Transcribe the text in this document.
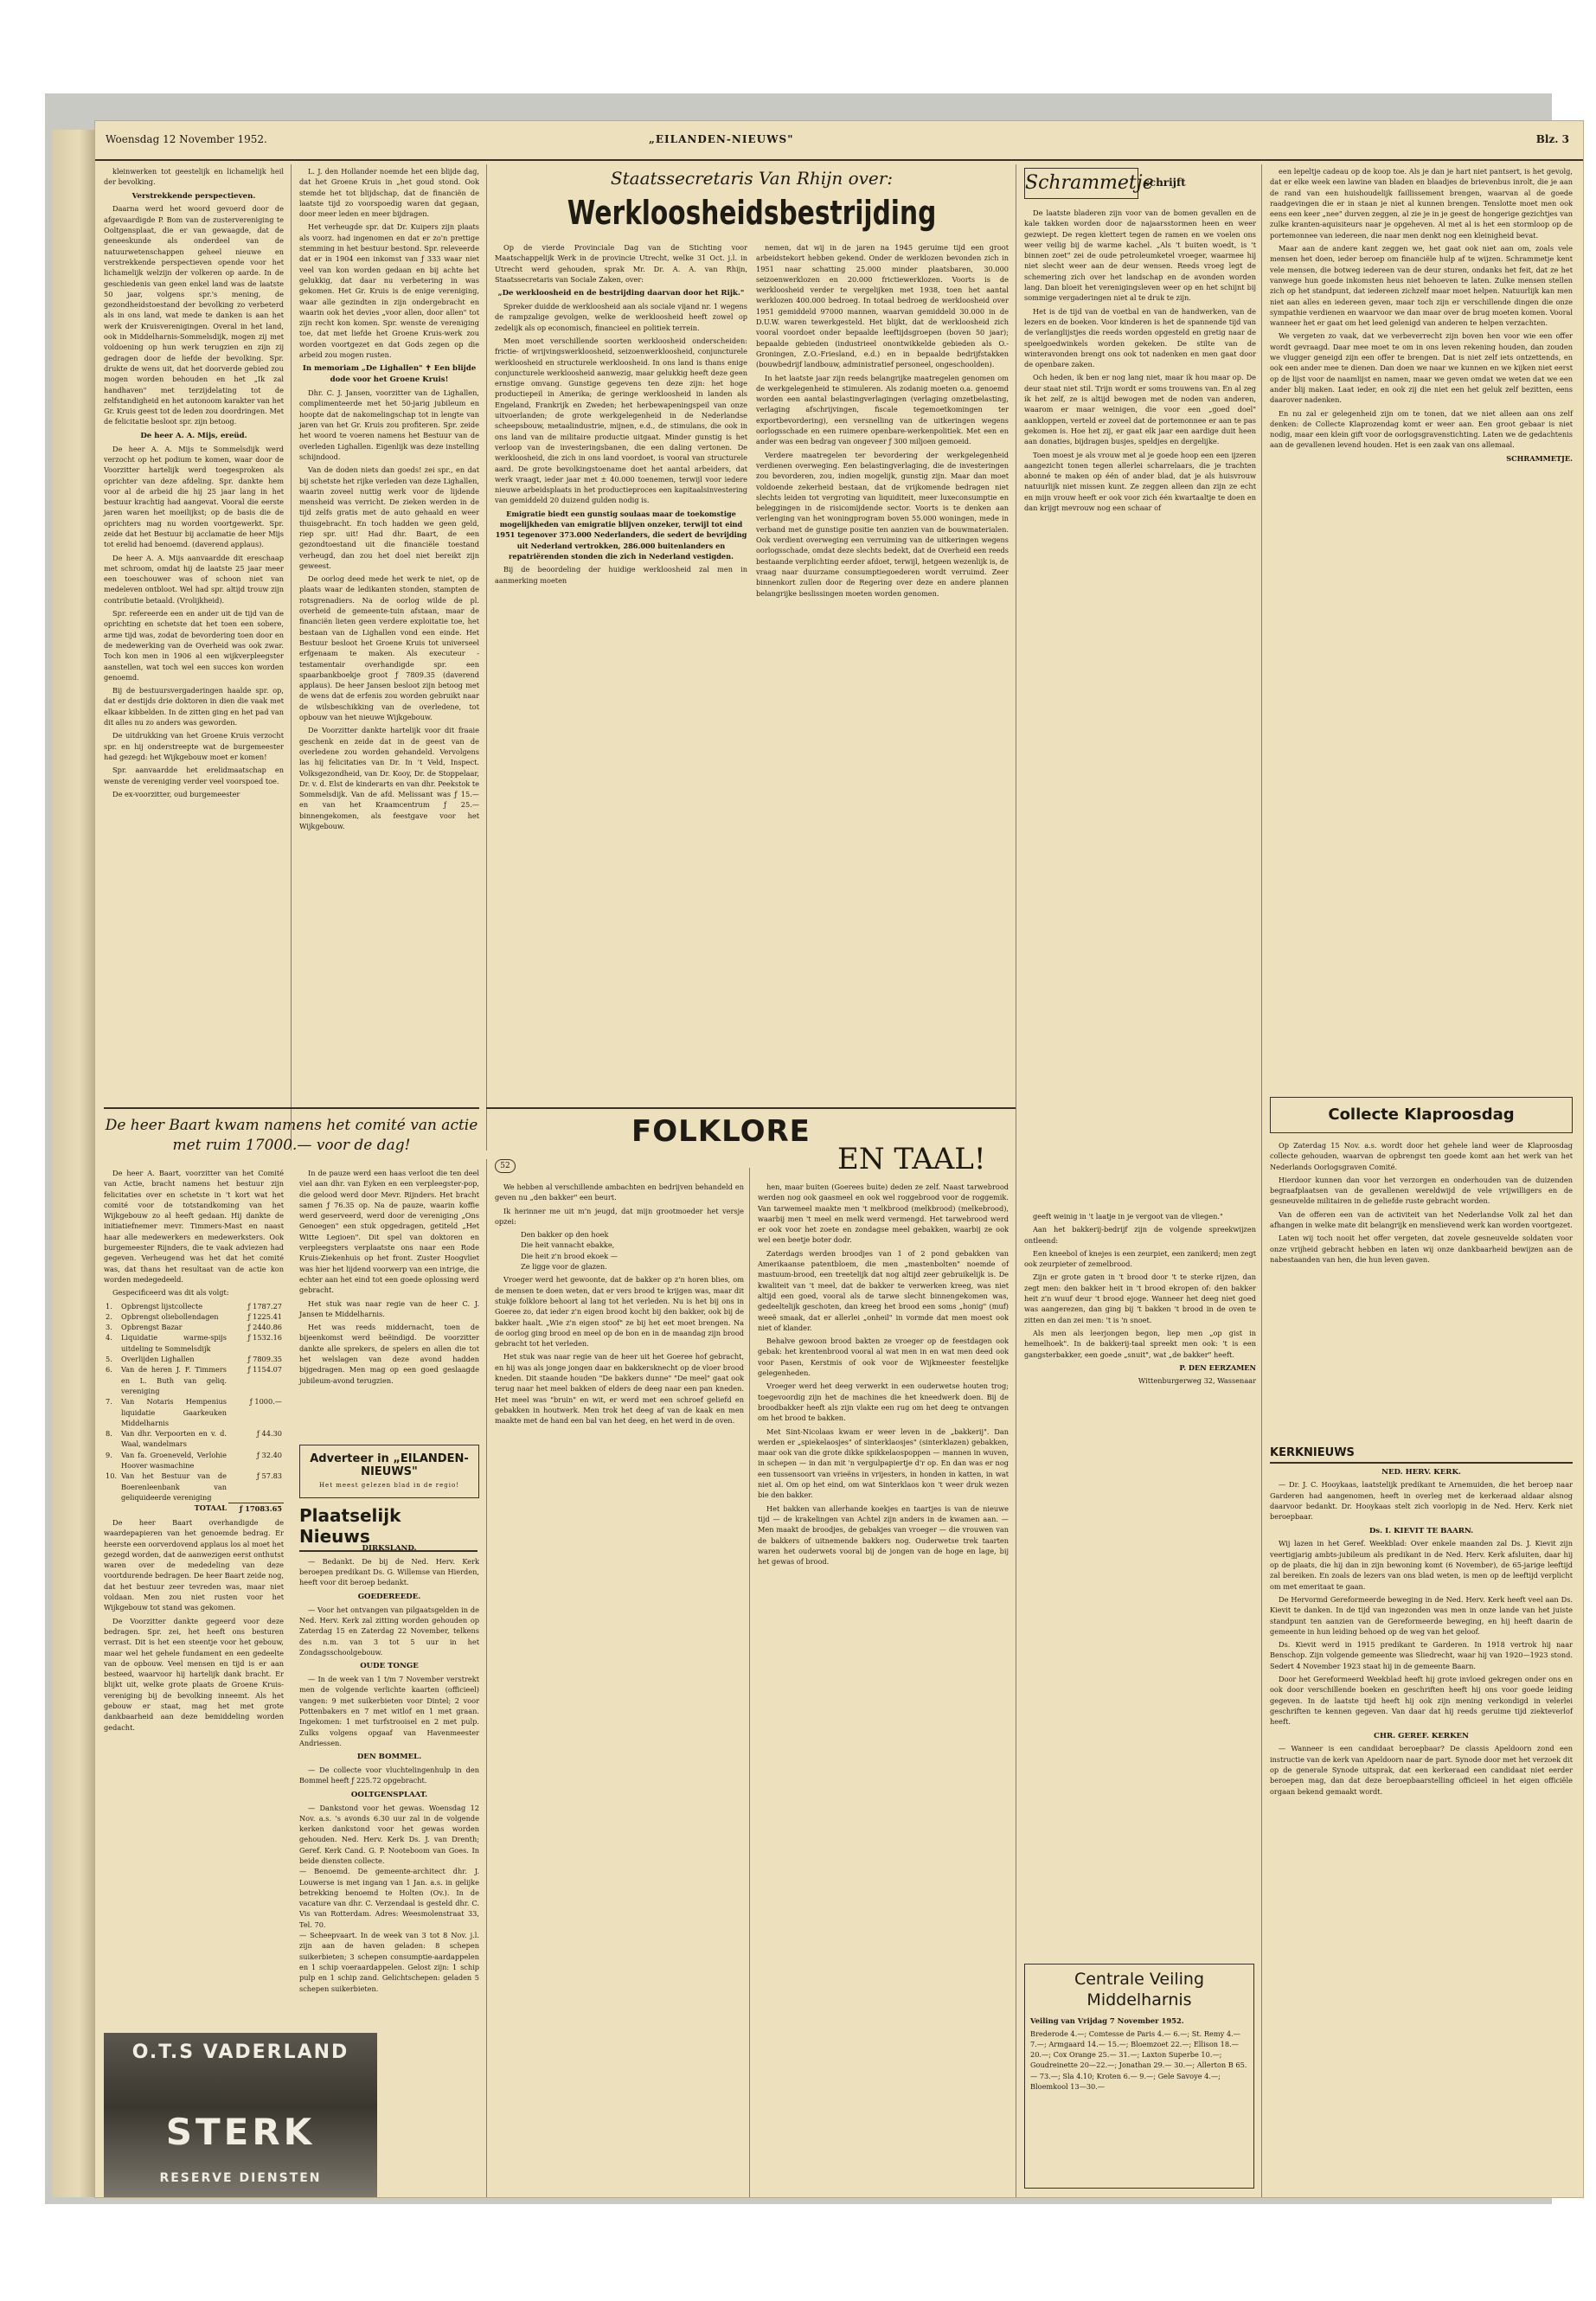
Woensdag 12 November 1952.	„EILANDEN-NIEUWS"	Blz. 3

kleinwerken tot geestelijk en lichamelijk heil der bevolking.

Verstrekkende perspectieven.

Daarna werd het woord gevoerd door de afgevaardigde P. Bom van de zustervereniging te Ooltgensplaat, die er van gewaagde, dat de geneeskunde als onderdeel van de natuurwetenschappen geheel nieuwe en verstrekkende perspectieven opende voor het lichamelijk welzijn der volkeren op aarde. In de geschiedenis van geen enkel land was de laatste 50 jaar, volgens spr.'s mening, de gezondheidstoestand der bevolking zo verbeterd als in ons land, wat mede te danken is aan het werk der Kruisverenigingen. Overal in het land, ook in Middelharnis-Sommelsdijk, mogen zij met voldoening op hun werk terugzien en zijn zij gedragen door de liefde der bevolking. Spr. drukte de wens uit, dat het doorverde gebied zou mogen worden behouden en het „Ik zal handhaven" met terzijdelating tot de zelfstandigheid en het autonoom karakter van het Gr. Kruis geest tot de leden zou doordringen. Met de felicitatie besloot spr. zijn betoog.

De heer A. A. Mijs, ereüd.

De heer A. A. Mijs te Sommelsdijk werd verzocht op het podium te komen, waar door de Voorzitter hartelijk werd toegesproken als oprichter van deze afdeling. Spr. dankte hem voor al de arbeid die hij 25 jaar lang in het bestuur krachtig had aangevat. Vooral die eerste jaren waren het moeilijkst; op de basis die de oprichters mag nu worden voortgewerkt. Spr. zeide dat het Bestuur bij acclamatie de heer Mijs tot erelid had benoemd. (daverend applaus).

De heer A. A. Mijs aanvaardde dit ereschaap met schroom, omdat hij de laatste 25 jaar meer een toeschouwer was of schoon niet van medeleven ontbloot. Wel had spr. altijd trouw zijn contributie betaald. (Vrolijkheid).

Spr. refereerde een en ander uit de tijd van de oprichting en schetste dat het toen een sobere, arme tijd was, zodat de bevordering toen door en de medewerking van de Overheid was ook zwar. Toch kon men in 1906 al een wijkverpleegster aanstellen, wat toch wel een succes kon worden genoemd.

Bij de bestuursvergaderingen haalde spr. op, dat er destijds drie doktoren in dien die vaak met elkaar kibbelden. In de zitten ging en het pad van dit alles nu zo anders was geworden.

De uitdrukking van het Groene Kruis verzocht spr. en hij onderstreepte wat de burgemeester had gezegd: het Wijkgebouw moet er komen!

Spr. aanvaardde het erelidmaatschap en wenste de vereniging verder veel voorspoed toe.

De ex-voorzitter, oud burgemeester

L. J. den Hollander noemde het een blijde dag, dat het Groene Kruis in „het goud stond. Ook stemde het tot blijdschap, dat de financiën de laatste tijd zo voorspoedig waren dat gegaan, door meer leden en meer bijdragen.

Het verheugde spr. dat Dr. Kuipers zijn plaats als voorz. had ingenomen en dat er zo'n prettige stemming in het bestuur bestond. Spr. releveerde dat er in 1904 een inkomst van ƒ 333 waar niet veel van kon worden gedaan en bij achte het gelukkig, dat daar nu verbetering in was gekomen. Het Gr. Kruis is de enige vereniging, waar alle gezindten in zijn ondergebracht en waarin ook het devies „voor allen, door allen" tot zijn recht kon komen. Spr. wenste de vereniging toe, dat met liefde het Groene Kruis-werk zou worden voortgezet en dat Gods zegen op die arbeid zou mogen rusten.

In memoriam „De Lighallen" ✝ Een blijde dode voor het Groene Kruis!

Dhr. C. J. Jansen, voorzitter van de Lighallen, complimenteerde met het 50-jarig jubileum en hoopte dat de nakomelingschap tot in lengte van jaren van het Gr. Kruis zou profiteren. Spr. zeide het woord te voeren namens het Bestuur van de overleden Lighallen. Eigenlijk was deze instelling schijndood.

Van de doden niets dan goeds! zei spr., en dat bij schetste het rijke verleden van deze Lighallen, waarin zoveel nuttig werk voor de lijdende mensheid was verricht. De zieken werden in de tijd zelfs gratis met de auto gehaald en weer thuisgebracht. En toch hadden we geen geld, riep spr. uit! Had dhr. Baart, de een gezondtoestand uit die financiële toestand verheugd, dan zou het doel niet bereikt zijn geweest.

De oorlog deed mede het werk te niet, op de plaats waar de ledikanten stonden, stampten de rotsgrenadiers. Na de oorlog wilde de pl. overheid de gemeente-tuin afstaan, maar de financiën lieten geen verdere exploitatie toe, het bestaan van de Lighallen vond een einde. Het Bestuur besloot het Groene Kruis tot universeel erfgenaam te maken. Als executeur - testamentair overhandigde spr. een spaarbankboekje groot ƒ 7809.35 (daverend applaus). De heer Jansen besloot zijn betoog met de wens dat de erfenis zou worden gebruikt naar de wilsbeschikking van de overledene, tot opbouw van het nieuwe Wijkgebouw.

De Voorzitter dankte hartelijk voor dit fraaie geschenk en zeide dat in de geest van de overledene zou worden gehandeld. Vervolgens las hij felicitaties van Dr. In 't Veld, Inspect. Volksgezondheid, van Dr. Kooy, Dr. de Stoppelaar, Dr. v. d. Elst de kinderarts en van dhr. Peekstok te Sommelsdijk. Van de afd. Melissant was ƒ 15.— en van het Kraamcentrum ƒ 25.— binnengekomen, als feestgave voor het Wijkgebouw.

De heer Baart kwam namens het comité van actie met ruim 17000.— voor de dag!

De heer A. Baart, voorzitter van het Comité van Actie, bracht namens het bestuur zijn felicitaties over en schetste in 't kort wat het comité voor de totstandkoming van het Wijkgebouw zo al heeft gedaan. Hij dankte de initiatiefnemer mevr. Timmers-Mast en naast haar alle medewerkers en medewerksters. Ook burgemeester Rijnders, die te vaak adviezen had gegeven. Verheugend was het dat het comité was, dat thans het resultaat van de actie kon worden medegedeeld.

Gespecificeerd was dit als volgt:

1.	Opbrengst lijstcollecte	ƒ 1787.27
2.	Opbrengst oliebollendagen	ƒ 1225.41
3.	Opbrengst Bazar	ƒ 2440.86
4.	Liquidatie warme-spijs uitdeling te Sommelsdijk	ƒ 1532.16
5.	Overlijden Lighallen	ƒ 7809.35
6.	Van de heren J. F. Timmers en L. Buth van geliq. vereniging	ƒ 1154.07
7.	Van Notaris Hempenius liquidatie Gaarkeuken Middelharnis	ƒ 1000.—
8.	Van dhr. Verpoorten en v. d. Waal, wandelmars	ƒ 44.30
9.	Van fa. Groeneveld, Verlohie Hoover wasmachine	ƒ 32.40
10.	Van het Bestuur van de Boerenleenbank van geliquideerde vereniging	ƒ 57.83
	TOTAAL	ƒ 17083.65

De heer Baart overhandigde de waardepapieren van het genoemde bedrag. Er heerste een oorverdovend applaus los al moet het gezegd worden, dat de aanwezigen eerst onthutst waren over de mededeling van deze voortdurende bedragen. De heer Baart zeide nog, dat het bestuur zeer tevreden was, maar niet voldaan. Men zou niet rusten voor het Wijkgebouw tot stand was gekomen.

De Voorzitter dankte gegeerd voor deze bedragen. Spr. zei, het heeft ons besturen verrast. Dit is het een steentje voor het gebouw, maar wel het gehele fundament en een gedeelte van de opbouw. Veel mensen en tijd is er aan besteed, waarvoor hij hartelijk dank bracht. Er blijkt uit, welke grote plaats de Groene Kruis-vereniging bij de bevolking inneemt. Als het gebouw er staat, mag het met grote dankbaarheid aan deze bemiddeling worden gedacht.

In de pauze werd een haas verloot die ten deel viel aan dhr. van Eyken en een verpleegster-pop, die gelood werd door Mevr. Rijnders. Het bracht samen ƒ 76.35 op. Na de pauze, waarin koffie werd geserveerd, werd door de vereniging „Ons Genoegen" een stuk opgedragen, getiteld „Het Witte Legioen". Dit spel van doktoren en verpleegsters verplaatste ons naar een Rode Kruis-Ziekenhuis op het front. Zuster Hoogvliet was hier het lijdend voorwerp van een intrige, die echter aan het eind tot een goede oplossing werd gebracht.

Het stuk was naar regie van de heer C. J. Jansen te Middelharnis.

Het was reeds middernacht, toen de bijeenkomst werd beëindigd. De voorzitter dankte alle sprekers, de spelers en allen die tot het welslagen van deze avond hadden bijgedragen. Men mag op een goed geslaagde jubileum-avond terugzien.

Adverteer in „EILANDEN-NIEUWS"
Het meest gelezen blad in de regio!
Plaatselijk Nieuws
DIRKSLAND.

— Bedankt. De bij de Ned. Herv. Kerk beroepen predikant Ds. G. Willemse van Hierden, heeft voor dit beroep bedankt.

GOEDEREEDE.

— Voor het ontvangen van pilgaatsgelden in de Ned. Herv. Kerk zal zitting worden gehouden op Zaterdag 15 en Zaterdag 22 November, telkens des n.m. van 3 tot 5 uur in het Zondagsschoolgebouw.

OUDE TONGE

— In de week van 1 t/m 7 November verstrekt men de volgende verlichte kaarten (officieel) vangen: 9 met suikerbieten voor Dintel; 2 voor Pottenbakers en 7 met witlof en 1 met graan. Ingekomen: 1 met turfstrooisel en 2 met pulp. Zulks volgens opgaaf van Havenmeester Andriessen.

DEN BOMMEL.

— De collecte voor vluchtelingenhulp in den Bommel heeft ƒ 225.72 opgebracht.

OOLTGENSPLAAT.

— Dankstond voor het gewas. Woensdag 12 Nov. a.s. 's avonds 6.30 uur zal in de volgende kerken dankstond voor het gewas worden gehouden. Ned. Herv. Kerk Ds. J. van Drenth; Geref. Kerk Cand. G. P. Nooteboom van Goes. In beide diensten collecte.
— Benoemd. De gemeente-architect dhr. J. Louwerse is met ingang van 1 Jan. a.s. in gelijke betrekking benoemd te Holten (Ov.). In de vacature van dhr. C. Verzendaal is gesteld dhr. C. Vis van Rotterdam. Adres: Weesmolenstraat 33, Tel. 70.
— Scheepvaart. In de week van 3 tot 8 Nov. j.l. zijn aan de haven geladen: 8 schepen suikerbieten; 3 schepen consumptie-aardappelen en 1 schip voeraardappelen. Gelost zijn: 1 schip pulp en 1 schip zand. Gelichtschepen: geladen 5 schepen suikerbieten.

O.T.S VADERLAND
STERK
RESERVE DIENSTEN
Staatssecretaris Van Rhijn over:
Werkloosheidsbestrijding

Op de vierde Provinciale Dag van de Stichting voor Maatschappelijk Werk in de provincie Utrecht, welke 31 Oct. j.l. in Utrecht werd gehouden, sprak Mr. Dr. A. A. van Rhijn, Staatssecretaris van Sociale Zaken, over:

„De werkloosheid en de bestrijding daarvan door het Rijk."

Spreker duidde de werkloosheid aan als sociale vijand nr. 1 wegens de rampzalige gevolgen, welke de werkloosheid heeft zowel op zedelijk als op economisch, financieel en politiek terrein.

Men moet verschillende soorten werkloosheid onderscheiden: frictie- of wrijvingswerkloosheid, seizoenwerkloosheid, conjuncturele werkloosheid en structurele werkloosheid. In ons land is thans enige conjuncturele werkloosheid aanwezig, maar gelukkig heeft deze geen ernstige omvang. Gunstige gegevens ten deze zijn: het hoge productiepeil in Amerika; de geringe werkloosheid in landen als Engeland, Frankrijk en Zweden; het herbewapeningspeil van onze uitvoerlanden; de grote werkgelegenheid in de Nederlandse scheepsbouw, metaalindustrie, mijnen, e.d., de stimulans, die ook in ons land van de militaire productie uitgaat. Minder gunstig is het verloop van de investeringsbanen, die een daling vertonen. De werkloosheid, die zich in ons land voordoet, is vooral van structurele aard. De grote bevolkingstoename doet het aantal arbeiders, dat werk vraagt, ieder jaar met ± 40.000 toenemen, terwijl voor iedere nieuwe arbeidsplaats in het productieproces een kapitaalsinvestering van gemiddeld 20 duizend gulden nodig is.

Emigratie biedt een gunstig soulaas maar de toekomstige mogelijkheden van emigratie blijven onzeker, terwijl tot eind 1951 tegenover 373.000 Nederlanders, die sedert de bevrijding uit Nederland vertrokken, 286.000 buitenlanders en repatriërenden stonden die zich in Nederland vestigden.

Bij de beoordeling der huidige werkloosheid zal men in aanmerking moeten

nemen, dat wij in de jaren na 1945 geruime tijd een groot arbeidstekort hebben gekend. Onder de werklozen bevonden zich in 1951 naar schatting 25.000 minder plaatsbaren, 30.000 seizoenwerklozen en 20.000 frictiewerklozen. Voorts is de werkloosheid verder te vergelijken met 1938, toen het aantal werklozen 400.000 bedroeg. In totaal bedroeg de werkloosheid over 1951 gemiddeld 97000 mannen, waarvan gemiddeld 30.000 in de D.U.W. waren tewerkgesteld. Het blijkt, dat de werkloosheid zich vooral voordoet onder bepaalde leeftijdsgroepen (boven 50 jaar); bepaalde gebieden (industrieel onontwikkelde gebieden als O.-Groningen, Z.O.-Friesland, e.d.) en in bepaalde bedrijfstakken (bouwbedrijf landbouw, administratief personeel, ongeschoolden).

In het laatste jaar zijn reeds belangrijke maatregelen genomen om de werkgelegenheid te stimuleren. Als zodanig moeten o.a. genoemd worden een aantal belastingverlagingen (verlaging omzetbelasting, verlaging afschrijvingen, fiscale tegemoetkomingen ter exportbevordering), een versnelling van de uitkeringen wegens oorlogsschade en een ruimere openbare-werkenpolitiek. Met een en ander was een bedrag van ongeveer ƒ 300 miljoen gemoeid.

Verdere maatregelen ter bevordering der werkgelegenheid verdienen overweging. Een belastingverlaging, die de investeringen zou bevorderen, zou, indien mogelijk, gunstig zijn. Maar dan moet voldoende zekerheid bestaan, dat de vrijkomende bedragen niet slechts leiden tot vergroting van liquiditeit, meer luxeconsumptie en beleggingen in de risicomijdende sector. Voorts is te denken aan verlenging van het woningprogram boven 55.000 woningen, mede in verband met de gunstige positie ten aanzien van de bouwmaterialen. Ook verdient overweging een verruiming van de uitkeringen wegens oorlogsschade, omdat deze slechts bedekt, dat de Overheid een reeds bestaande verplichting eerder afdoet, terwijl, hetgeen wezenlijk is, de vraag naar duurzame consumptiegoederen wordt verruimd. Zeer binnenkort zullen door de Regering over deze en andere plannen belangrijke beslissingen moeten worden genomen.

FOLKLORE
52	EN TAAL!

We hebben al verschillende ambachten en bedrijven behandeld en geven nu „den bakker" een beurt.

Ik herinner me uit m'n jeugd, dat mijn grootmoeder het versje opzei:

Den bakker op den hoek
Die heit vannacht ebakke,
Die heit z'n brood ekoek —
Ze ligge voor de glazen.

Vroeger werd het gewoonte, dat de bakker op z'n horen blies, om de mensen te doen weten, dat er vers brood te krijgen was, maar dit stukje folklore behoort al lang tot het verleden. Nu is het bij ons in Goeree zo, dat ieder z'n eigen brood kocht bij den bakker, ook bij de bakker haalt. „Wie z'n eigen stoof" ze bij het eet moet brengen. Na de oorlog ging brood en meel op de bon en in de maandag zijn brood gebracht tot het verleden.

Het stuk was naar regie van de heer uit het Goeree hof gebracht, en hij was als jonge jongen daar en bakkersknecht op de vloer brood kneden. Dit staande houden "De bakkers dunne" "De meel" gaat ook terug naar het meel bakken of elders de deeg naar een pan kneden. Het meel was "bruin" en wit, er werd met een schroef geliefd en gebakken in houtwerk. Men trok het deeg af van de kaak en men maakte met de hand een bal van het deeg, en het werd in de oven.

hen, maar buiten (Goerees buite) deden ze zelf. Naast tarwebrood werden nog ook gaasmeel en ook wel roggebrood voor de roggemik. Van tarwemeel maakte men 't melkbrood (melkbrood) (melkebrood), waarbij men 't meel en melk werd vermengd. Het tarwebrood werd er ook voor het zoete en zondagse meel gebakken, waarbij ze ook wel een beetje boter dodr.

Zaterdags werden broodjes van 1 of 2 pond gebakken van Amerikaanse patentbloem, die men „mastenbolten" noemde of mastuum-brood, een treetelijk dat nog altijd zeer gebruikelijk is. De kwaliteit van 't meel, dat de bakker te verwerken kreeg, was niet altijd een goed, vooral als de tarwe slecht binnengekomen was, gedeeltelijk geschoten, dan kreeg het brood een soms „honig" (muf) weeë smaak, dat er allerlei „onheil" in vormde dat men moest ook niet of klander.

Behalve gewoon brood bakten ze vroeger op de feestdagen ook gebak: het krentenbrood vooral al wat men in en wat men deed ook voor Pasen, Kerstmis of ook voor de Wijkmeester feestelijke gelegenheden.

Vroeger werd het deeg verwerkt in een ouderwetse houten trog; toegevoordig zijn het de machines die het kneedwerk doen. Bij de broodbakker heeft als zijn vlakte een rug om het deeg te ontvangen om het brood te bakken.

Met Sint-Nicolaas kwam er weer leven in de „bakkerij". Dan werden er „spiekelaosjes" of sinterklaosjes" (sinterklazen) gebakken, maar ook van die grote dikke spikkelaospoppen — mannen in wuven, in schepen — in dan mit 'n vergulpapiertje d'r op. En dan was er nog een tussensoort van vrieëns in vrijesters, in honden in katten, in wat niet al. Om op het eind, om wat Sinterklaos kon 't weer druk wezen bie den bakker.

Het bakken van allerhande koekjes en taartjes is van de nieuwe tijd — de krakelingen van Achtel zijn anders in de kwamen aan. — Men maakt de broodjes, de gebakjes van vroeger — die vrouwen van de bakkers of uitnemende bakkers nog. Ouderwetse trek taarten waren het ouderwets vooral bij de jongen van de hoge en lage, bij het gewas of brood.

Schrammetje
schrijft

De laatste bladeren zijn voor van de bomen gevallen en de kale takken worden door de najaarsstormen heen en weer gezwiept. De regen klettert tegen de ramen en we voelen ons weer veilig bij de warme kachel. „Als 't buiten woedt, is 't binnen zoet" zei de oude petroleumketel vroeger, waarmee hij niet slecht weer aan de deur wensen. Reeds vroeg legt de schemering zich over het landschap en de avonden worden lang. Dan bloeit het verenigingsleven weer op en het schijnt bij sommige vergaderingen niet al te druk te zijn.

Het is de tijd van de voetbal en van de handwerken, van de lezers en de boeken. Voor kinderen is het de spannende tijd van de verlanglijstjes die reeds worden opgesteld en gretig naar de speelgoedwinkels worden gekeken. De stilte van de winteravonden brengt ons ook tot nadenken en men gaat door de openbare zaken.

Och heden, ik ben er nog lang niet, maar ik hou maar op. De deur staat niet stil. Trijn wordt er soms trouwens van. En al zeg ik het zelf, ze is altijd bewogen met de noden van anderen, waarom er maar weinigen, die voor een „goed doel" aankloppen, verteld er zoveel dat de portemonnee er aan te pas gekomen is. Hoe het zij, er gaat elk jaar een aardige duit heen aan donaties, bijdragen busjes, speldjes en dergelijke.

Toen moest je als vrouw met al je goede hoop een een ijzeren aangezicht tonen tegen allerlei scharrelaars, die je trachten abonné te maken op één of ander blad, dat je als huisvrouw natuurlijk niet missen kunt. Ze zeggen alleen dan zijn ze echt en mijn vrouw heeft er ook voor zich één kwartaaltje te doen en dan krijgt mevrouw nog een schaar of

geeft weinig in 't laatje in je vergoot van de vliegen."

Aan het bakkerij-bedrijf zijn de volgende spreekwijzen ontleend:

Een kneebol of knejes is een zeurpiet, een zanikerd; men zegt ook zeurpieter of zemelbrood.

Zijn er grote gaten in 't brood door 't te sterke rijzen, dan zegt men: den bakker heit in 't brood ekropen of: den bakker heit z'n wuuf deur 't brood ejoge. Wanneer het deeg niet goed was aangerezen, dan ging bij 't bakken 't brood in de oven te zitten en dan zei men: 't is 'n snoet.

Als men als leerjongen begon, liep men „op gist in hemelhoek". In de bakkerij-taal spreekt men ook: 't is een gangsterbakker, een goede „snuit", wat „de bakker" heeft.

P. DEN EERZAMEN

Wittenburgerweg 32, Wassenaar

Centrale Veiling Middelharnis
Veiling van Vrijdag 7 November 1952.
Brederode 4.—; Comtesse de Paris 4.— 6.—; St. Remy 4.— 7.—; Armgaard 14.— 15.—; Bloemzoet 22.—; Ellison 18.— 20.—; Cox Orange 25.— 31.—; Laxton Superbe 10.—; Goudreinette 20—22.—; Jonathan 29.— 30.—; Allerton B 65.— 73.—; Sla 4.10; Kroten 6.— 9.—; Gele Savoye 4.—; Bloemkool 13—30.—

een lepeltje cadeau op de koop toe. Als je dan je hart niet pantsert, is het gevolg, dat er elke week een lawine van bladen en blaadjes de brievenbus inrolt, die je aan de rand van een huishoudelijk faillissement brengen, waarvan al de goede raadgevingen die er in staan je niet al kunnen brengen. Tenslotte moet men ook eens een keer „nee" durven zeggen, al zie je in je geest de hongerige gezichtjes van zulke kranten-aquisiteurs naar je opgeheven. Al met al is het een stormloop op de portemonnee van iedereen, die naar men denkt nog een kleinigheid bevat.

Maar aan de andere kant zeggen we, het gaat ook niet aan om, zoals vele mensen het doen, ieder beroep om financiële hulp af te wijzen. Schrammetje kent vele mensen, die botweg iedereen van de deur sturen, ondanks het feit, dat ze het vanwege hun goede inkomsten heus niet behoeven te laten. Zulke mensen stellen zich op het standpunt, dat iedereen zichzelf maar moet helpen. Natuurlijk kan men niet aan alles en iedereen geven, maar toch zijn er verschillende dingen die onze sympathie verdienen en waarvoor we dan maar over de brug moeten komen. Vooral wanneer het er gaat om het leed gelenigd van anderen te helpen verzachten.

We vergeten zo vaak, dat we verbeverrecht zijn boven hen voor wie een offer wordt gevraagd. Daar mee moet te om in ons leven rekening houden, dan zouden we vlugger geneigd zijn een offer te brengen. Dat is niet zelf iets ontzettends, en ook een ander mee te dienen. Dan doen we naar we kunnen en we kijken niet eerst op de lijst voor de naamlijst en namen, maar we geven omdat we weten dat we een ander blij maken. Laat ieder, en ook zij die niet een het geluk zelf bezitten, eens daarover nadenken.

En nu zal er gelegenheid zijn om te tonen, dat we niet alleen aan ons zelf denken: de Collecte Klaprozendag komt er weer aan. Een groot gebaar is niet nodig, maar een klein gift voor de oorlogsgravenstichting. Laten we de gedachtenis aan de gevallenen levend houden. Het is een zaak van ons allemaal.

SCHRAMMETJE.

Collecte Klaproosdag

Op Zaterdag 15 Nov. a.s. wordt door het gehele land weer de Klaproosdag collecte gehouden, waarvan de opbrengst ten goede komt aan het werk van het Nederlands Oorlogsgraven Comité.

Hierdoor kunnen dan voor het verzorgen en onderhouden van de duizenden begraafplaatsen van de gevallenen wereldwijd de vele vrijwilligers en de gesneuvelde militairen in de geliefde ruste gebracht worden.

Van de offeren een van de activiteit van het Nederlandse Volk zal het dan afhangen in welke mate dit belangrijk en menslievend werk kan worden voortgezet.

Laten wij toch nooit het offer vergeten, dat zovele gesneuvelde soldaten voor onze vrijheid gebracht hebben en laten wij onze dankbaarheid bewijzen aan de nabestaanden van hen, die hun leven gaven.

KERKNIEUWS
NED. HERV. KERK.

— Dr. J. C. Hooykaas, laatstelijk predikant te Arnemuiden, die het beroep naar Garderen had aangenomen, heeft in overleg met de kerkeraad aldaar alsnog daarvoor bedankt. Dr. Hooykaas stelt zich voorlopig in de Ned. Herv. Kerk niet beroepbaar.

Ds. I. KIEVIT TE BAARN.

Wij lazen in het Geref. Weekblad: Over enkele maanden zal Ds. J. Kievit zijn veertigjarig ambts-jubileum als predikant in de Ned. Herv. Kerk afsluiten, daar hij op de plaats, die hij dan in zijn bewoning komt (6 November), de 65-jarige leeftijd zal bereiken. En zoals de lezers van ons blad weten, is men op de leeftijd verplicht om met emeritaat te gaan.

De Hervormd Gereformeerde beweging in de Ned. Herv. Kerk heeft veel aan Ds. Kievit te danken. In de tijd van ingezonden was men in onze lande van het juiste standpunt ten aanzien van de Gereformeerde beweging, en hij heeft daarin de gemeente in hun leiding behoed op de weg van het geloof.

Ds. Kievit werd in 1915 predikant te Garderen. In 1918 vertrok hij naar Benschop. Zijn volgende gemeente was Sliedrecht, waar hij van 1920—1923 stond. Sedert 4 November 1923 staat hij in de gemeente Baarn.

Door het Gereformeerd Weekblad heeft hij grote invloed gekregen onder ons en ook door verschillende boeken en geschriften heeft hij ons voor goede leiding gegeven. In de laatste tijd heeft hij ook zijn mening verkondigd in velerlei geschriften te kennen gegeven. Van daar dat hij reeds geruime tijd ziekteverlof heeft.

CHR. GEREF. KERKEN

— Wanneer is een candidaat beroepbaar? De classis Apeldoorn zond een instructie van de kerk van Apeldoorn naar de part. Synode door met het verzoek dit op de generale Synode uitsprak, dat een kerkeraad een candidaat niet eerder beroepen mag, dan dat deze beroepbaarstelling officieel in het eigen officiële orgaan bekend gemaakt wordt.
